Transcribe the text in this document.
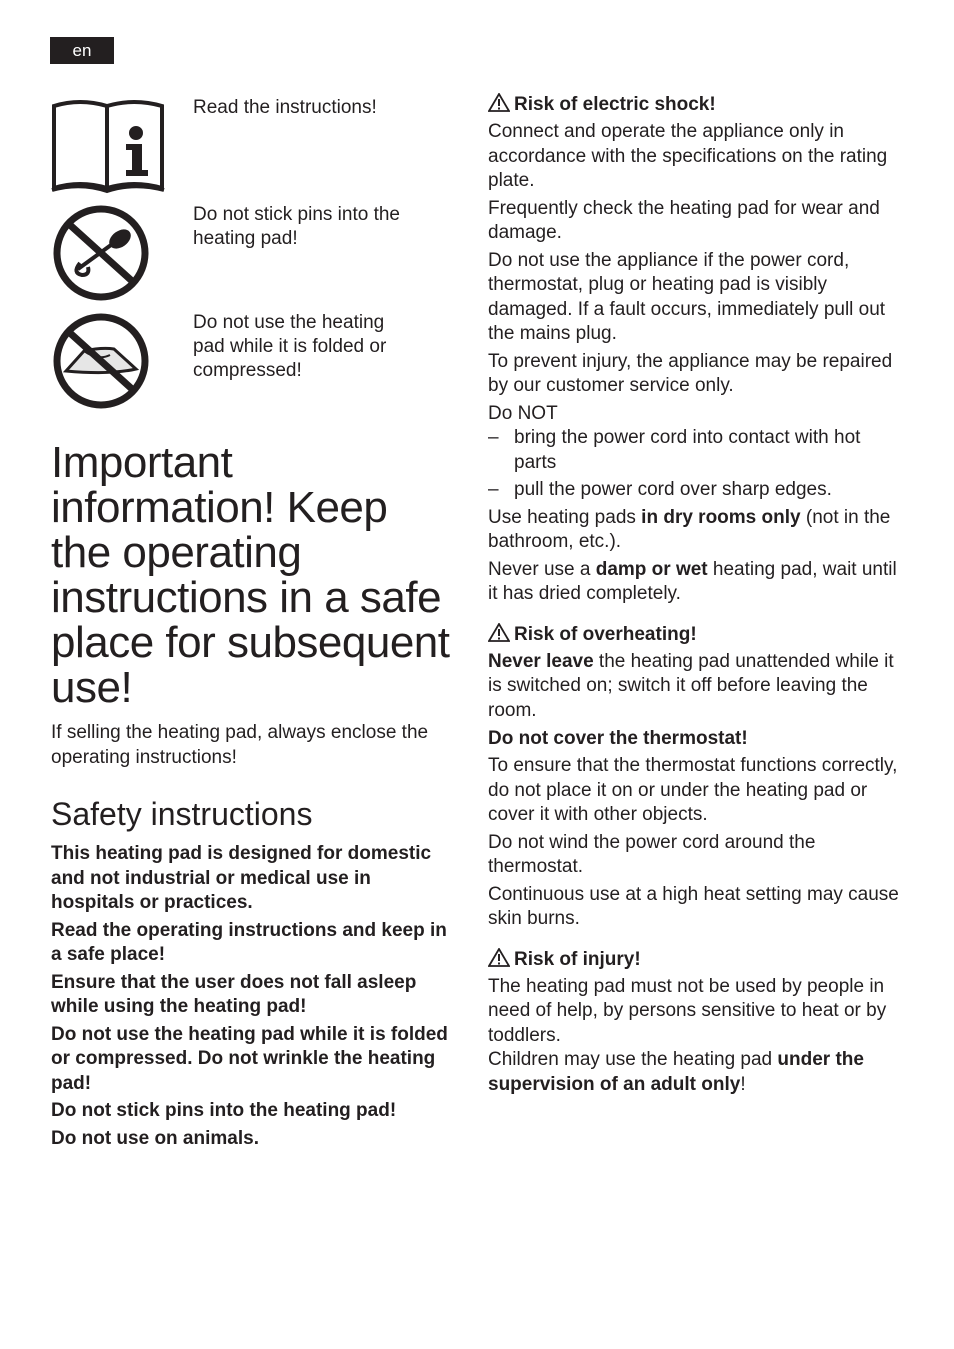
en
Read the instructions!
Do not stick pins into the heating pad!
Do not use the heating pad while it is folded or compressed!
Important information! Keep the operating instructions in a safe place for subsequent use!

If selling the heating pad, always enclose the operating instructions!

Safety instructions

This heating pad is designed for domestic and not industrial or medical use in hospitals or practices.

Read the operating instructions and keep in a safe place!

Ensure that the user does not fall asleep while using the heating pad!

Do not use the heating pad while it is folded or compressed. Do not wrinkle the heating pad!

Do not stick pins into the heating pad!

Do not use on animals.

Risk of electric shock!

Connect and operate the appliance only in accordance with the specifications on the rating plate.

Frequently check the heating pad for wear and damage.

Do not use the appliance if the power cord, thermostat, plug or heating pad is visibly damaged. If a fault occurs, immediately pull out the mains plug.

To prevent injury, the appliance may be repaired by our customer service only.

Do NOT

– bring the power cord into contact with hot parts
– pull the power cord over sharp edges.

Use heating pads in dry rooms only (not in the bathroom, etc.).

Never use a damp or wet heating pad, wait until it has dried completely.

Risk of overheating!

Never leave the heating pad unattended while it is switched on; switch it off before leaving the room.

Do not cover the thermostat!

To ensure that the thermostat functions correctly, do not place it on or under the heating pad or cover it with other objects.

Do not wind the power cord around the thermostat.

Continuous use at a high heat setting may cause skin burns.

Risk of injury!

The heating pad must not be used by people in need of help, by persons sensitive to heat or by toddlers.

Children may use the heating pad under the supervision of an adult only!
